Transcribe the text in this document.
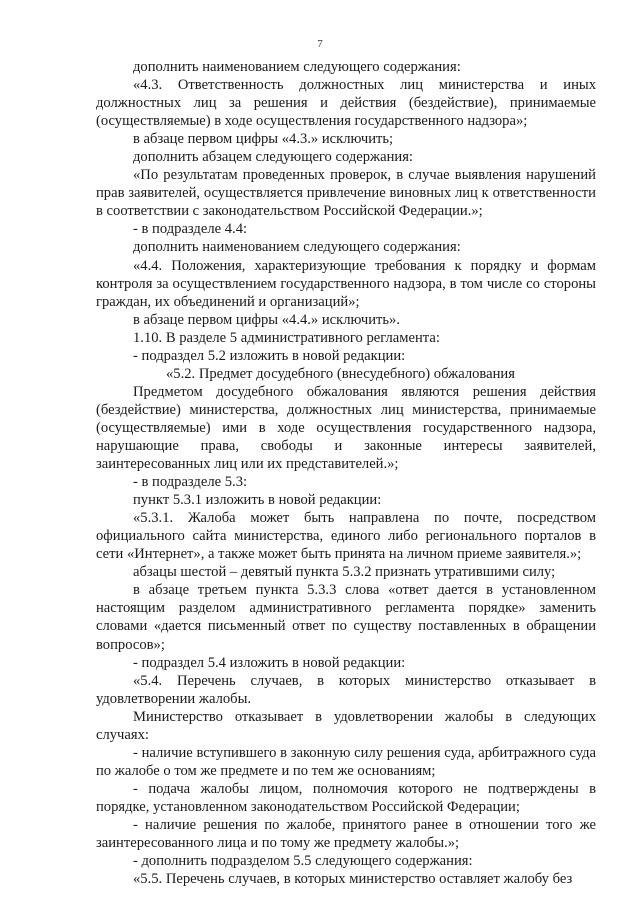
7

дополнить наименованием следующего содержания:

«4.3. Ответственность должностных лиц министерства и иных должностных лиц за решения и действия (бездействие), принимаемые (осуществляемые) в ходе осуществления государственного надзора»;

в абзаце первом цифры «4.3.» исключить;

дополнить абзацем следующего содержания:

«По результатам проведенных проверок, в случае выявления нарушений прав заявителей, осуществляется привлечение виновных лиц к ответственности в соответствии с законодательством Российской Федерации.»;

- в подразделе 4.4:

дополнить наименованием следующего содержания:

«4.4. Положения, характеризующие требования к порядку и формам контроля за осуществлением государственного надзора, в том числе со стороны граждан, их объединений и организаций»;

в абзаце первом цифры «4.4.» исключить».

1.10. В разделе 5 административного регламента:

- подраздел 5.2 изложить в новой редакции:

«5.2. Предмет досудебного (внесудебного) обжалования

Предметом досудебного обжалования являются решения действия (бездействие) министерства, должностных лиц министерства, принимаемые (осуществляемые) ими в ходе осуществления государственного надзора, нарушающие права, свободы и законные интересы заявителей, заинтересованных лиц или их представителей.»;

- в подразделе 5.3:

пункт 5.3.1 изложить в новой редакции:

«5.3.1. Жалоба может быть направлена по почте, посредством официального сайта министерства, единого либо регионального порталов в сети «Интернет», а также может быть принята на личном приеме заявителя.»;

абзацы шестой – девятый пункта 5.3.2 признать утратившими силу;

в абзаце третьем пункта 5.3.3 слова «ответ дается в установленном настоящим разделом административного регламента порядке» заменить словами «дается письменный ответ по существу поставленных в обращении вопросов»;

- подраздел 5.4 изложить в новой редакции:

«5.4. Перечень случаев, в которых министерство отказывает в удовлетворении жалобы.

Министерство отказывает в удовлетворении жалобы в следующих случаях:

- наличие вступившего в законную силу решения суда, арбитражного суда по жалобе о том же предмете и по тем же основаниям;

- подача жалобы лицом, полномочия которого не подтверждены в порядке, установленном законодательством Российской Федерации;

- наличие решения по жалобе, принятого ранее в отношении того же заинтересованного лица и по тому же предмету жалобы.»;

- дополнить подразделом 5.5 следующего содержания:

«5.5. Перечень случаев, в которых министерство оставляет жалобу без
